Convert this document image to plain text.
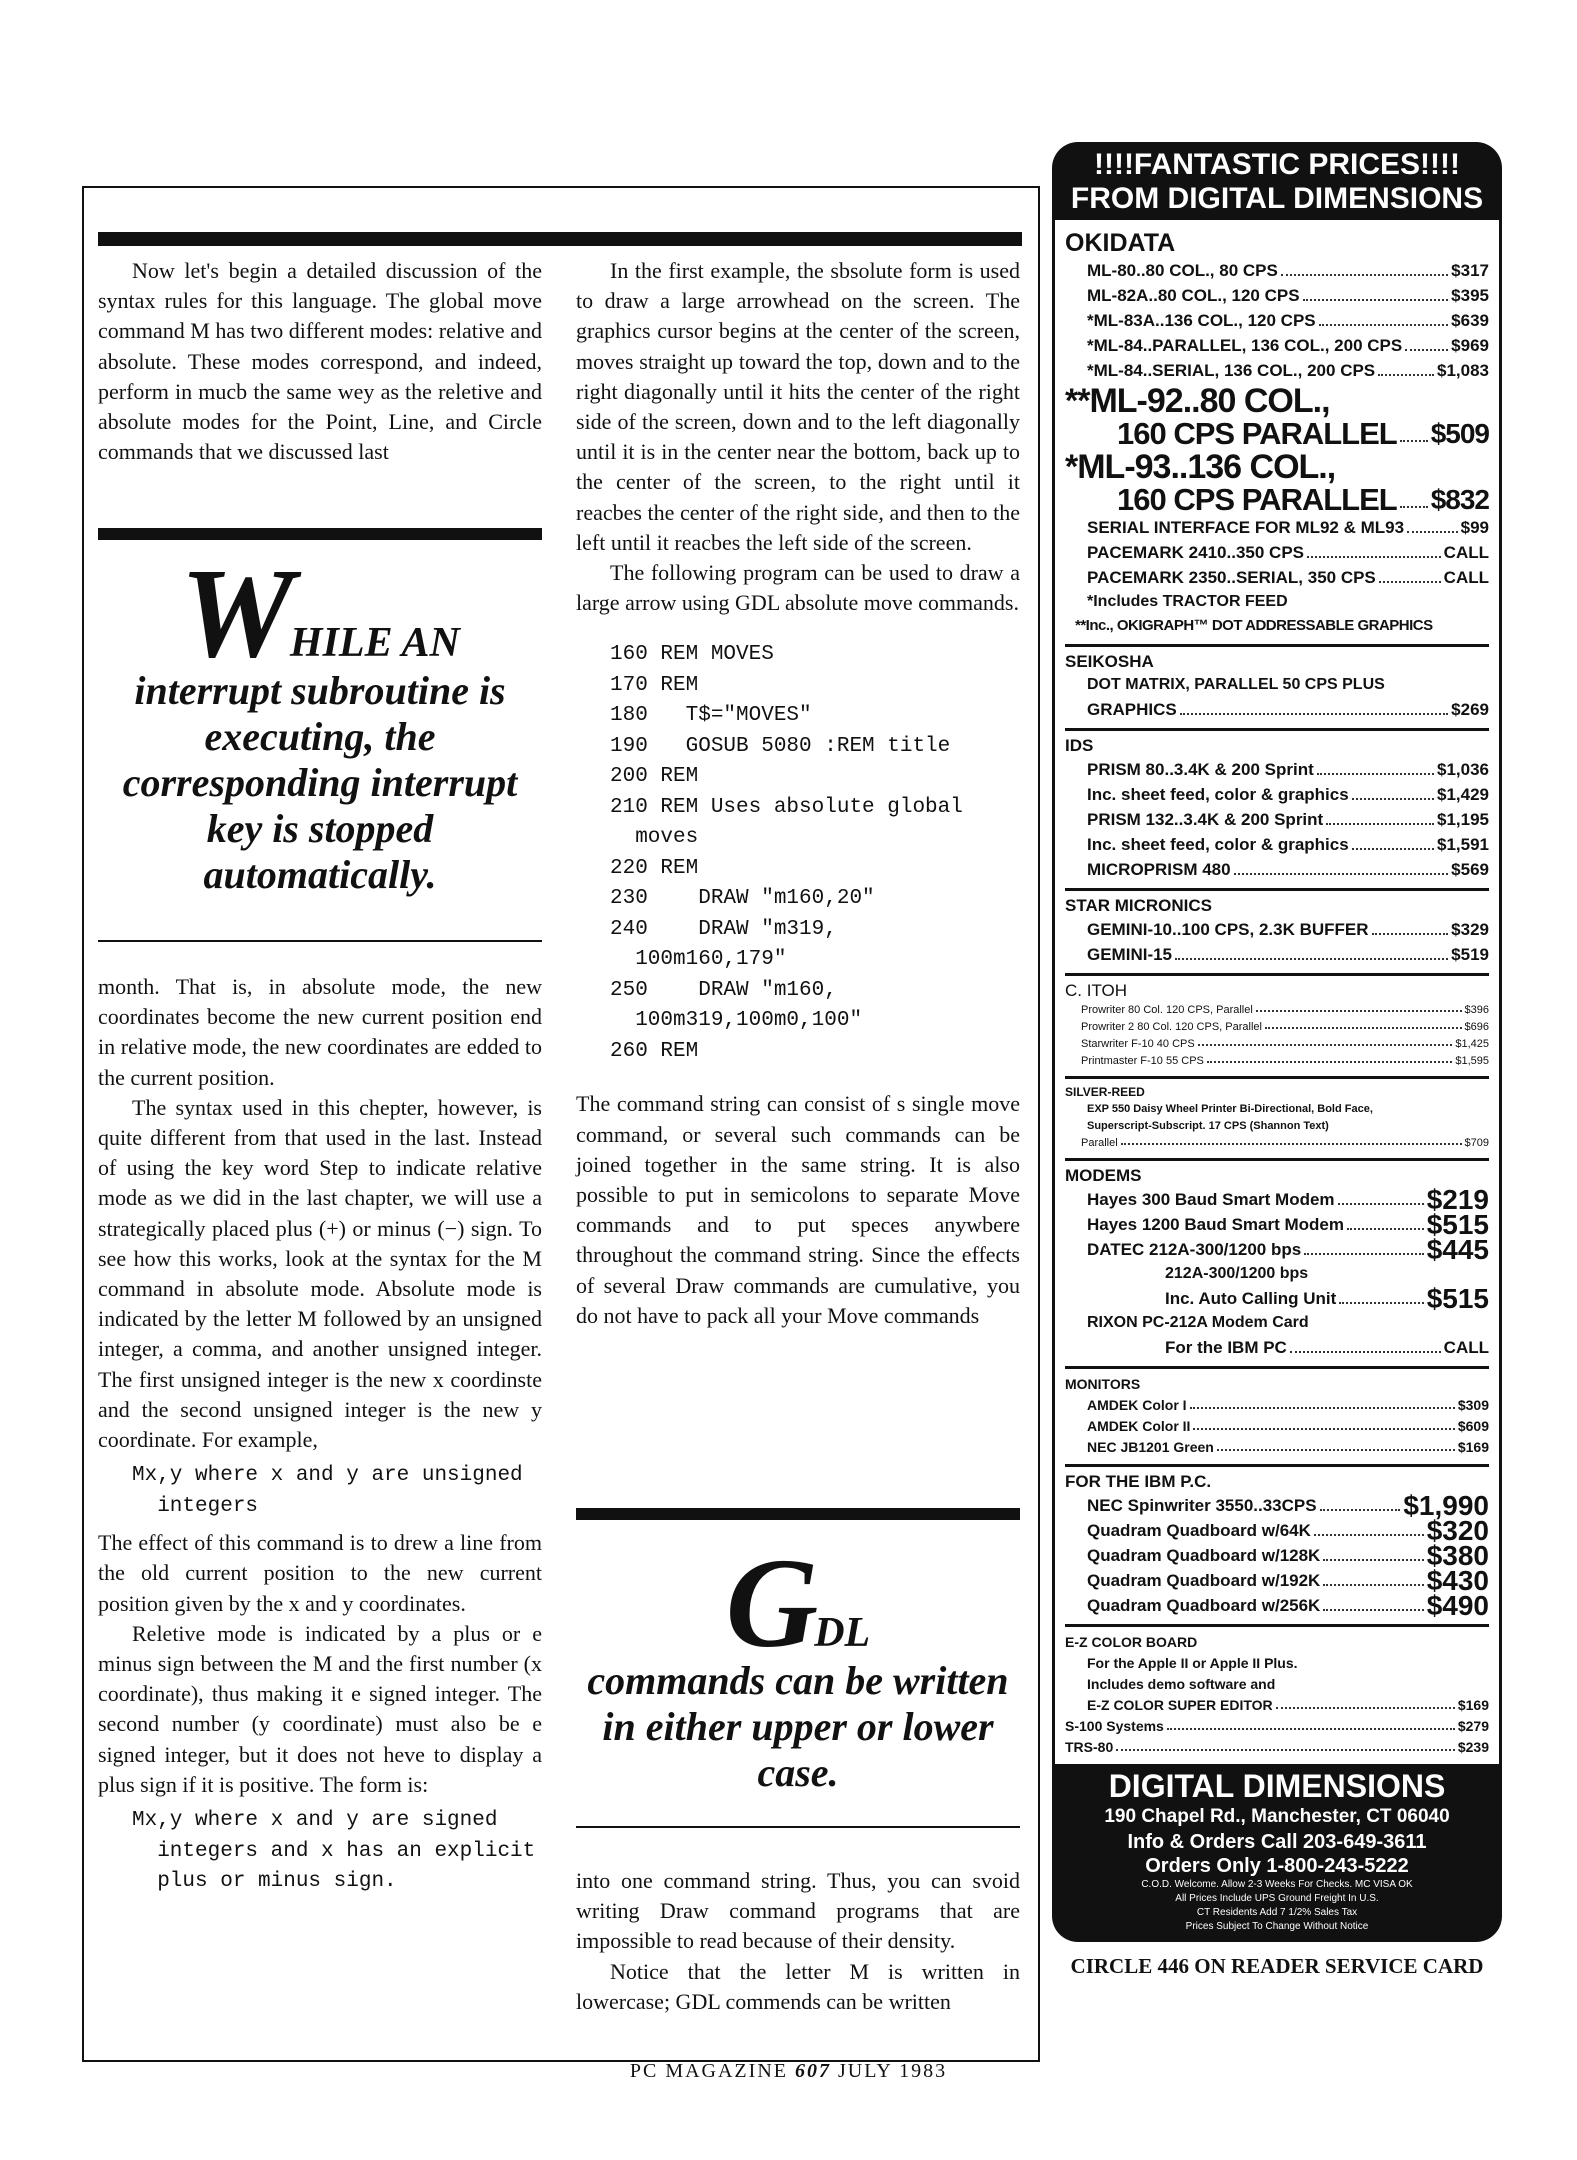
Now let's begin a detailed discussion of the syntax rules for this language. The global move command M has two different modes: relative and absolute. These modes correspond, and indeed, perform in mucb the same wey as the reletive and absolute modes for the Point, Line, and Circle commands that we discussed last

WHILE AN
interrupt subroutine is executing, the corresponding interrupt key is stopped automatically.

month. That is, in absolute mode, the new coordinates become the new current position end in relative mode, the new coordinates are edded to the current position.

The syntax used in this chepter, however, is quite different from that used in the last. Instead of using the key word Step to indicate relative mode as we did in the last chapter, we will use a strategically placed plus (+) or minus (−) sign. To see how this works, look at the syntax for the M command in absolute mode. Absolute mode is indicated by the letter M followed by an unsigned integer, a comma, and another unsigned integer. The first unsigned integer is the new x coordinste and the second unsigned integer is the new y coordinate. For example,

Mx,y where x and y are unsigned
integers

The effect of this command is to drew a line from the old current position to the new current position given by the x and y coordinates.

Reletive mode is indicated by a plus or e minus sign between the M and the first number (x coordinate), thus making it e signed integer. The second number (y coordinate) must also be e signed integer, but it does not heve to display a plus sign if it is positive. The form is:

Mx,y where x and y are signed
integers and x has an explicit
plus or minus sign.

In the first example, the sbsolute form is used to draw a large arrowhead on the screen. The graphics cursor begins at the center of the screen, moves straight up toward the top, down and to the right diagonally until it hits the center of the right side of the screen, down and to the left diagonally until it is in the center near the bottom, back up to the center of the screen, to the right until it reacbes the center of the right side, and then to the left until it reacbes the left side of the screen.

The following program can be used to draw a large arrow using GDL absolute move commands.

160 REM MOVES
170 REM
180   T$="MOVES"
190   GOSUB 5080 :REM title
200 REM
210 REM Uses absolute global
moves
220 REM
230    DRAW "m160,20"
240    DRAW "m319,
100m160,179"
250    DRAW "m160,
100m319,100m0,100"
260 REM

The command string can consist of s single move command, or several such commands can be joined together in the same string. It is also possible to put in semicolons to separate Move commands and to put speces anywbere throughout the command string. Since the effects of several Draw commands are cumulative, you do not have to pack all your Move commands

GDL
commands can be written in either upper or lower case.

into one command string. Thus, you can svoid writing Draw command programs that are impossible to read because of their density.

Notice that the letter M is written in lowercase; GDL commends can be written

PC MAGAZINE 607 JULY 1983
!!!!FANTASTIC PRICES!!!!
FROM DIGITAL DIMENSIONS
OKIDATA
ML-80..80 COL., 80 CPS	$317
ML-82A..80 COL., 120 CPS	$395
*ML-83A..136 COL., 120 CPS	$639
*ML-84..PARALLEL, 136 COL., 200 CPS	$969
*ML-84..SERIAL, 136 COL., 200 CPS	$1,083
**ML-92..80 COL.,
160 CPS PARALLEL $509
*ML-93..136 COL.,
160 CPS PARALLEL $832
SERIAL INTERFACE FOR ML92 & ML93	$99
PACEMARK 2410..350 CPS	CALL
PACEMARK 2350..SERIAL, 350 CPS	CALL
*Includes TRACTOR FEED
**Inc., OKIGRAPH™ DOT ADDRESSABLE GRAPHICS
SEIKOSHA
DOT MATRIX, PARALLEL 50 CPS PLUS
GRAPHICS	$269
IDS
PRISM 80..3.4K & 200 Sprint	$1,036
Inc. sheet feed, color & graphics	$1,429
PRISM 132..3.4K & 200 Sprint	$1,195
Inc. sheet feed, color & graphics	$1,591
MICROPRISM 480	$569
STAR MICRONICS
GEMINI-10..100 CPS, 2.3K BUFFER	$329
GEMINI-15	$519
C. ITOH
Prowriter 80 Col. 120 CPS, Parallel	$396
Prowriter 2 80 Col. 120 CPS, Parallel	$696
Starwriter F-10 40 CPS	$1,425
Printmaster F-10 55 CPS	$1,595
SILVER-REED
EXP 550 Daisy Wheel Printer Bi-Directional, Bold Face,
Superscript-Subscript. 17 CPS (Shannon Text)
Parallel	$709
MODEMS
Hayes 300 Baud Smart Modem	$219
Hayes 1200 Baud Smart Modem	$515
DATEC 212A-300/1200 bps	$445
212A-300/1200 bps
Inc. Auto Calling Unit	$515
RIXON PC-212A Modem Card
For the IBM PC	CALL
MONITORS
AMDEK Color I	$309
AMDEK Color II	$609
NEC JB1201 Green	$169
FOR THE IBM P.C.
NEC Spinwriter 3550..33CPS	$1,990
Quadram Quadboard w/64K	$320
Quadram Quadboard w/128K	$380
Quadram Quadboard w/192K	$430
Quadram Quadboard w/256K	$490
E-Z COLOR BOARD
For the Apple II or Apple II Plus.
Includes demo software and
E-Z COLOR SUPER EDITOR	$169
S-100 Systems	$279
TRS-80	$239
DIGITAL DIMENSIONS
190 Chapel Rd., Manchester, CT 06040
Info & Orders Call 203-649-3611
Orders Only 1-800-243-5222
C.O.D. Welcome. Allow 2-3 Weeks For Checks. MC VISA OK
All Prices Include UPS Ground Freight In U.S.
CT Residents Add 7 1/2% Sales Tax
Prices Subject To Change Without Notice
CIRCLE 446 ON READER SERVICE CARD
